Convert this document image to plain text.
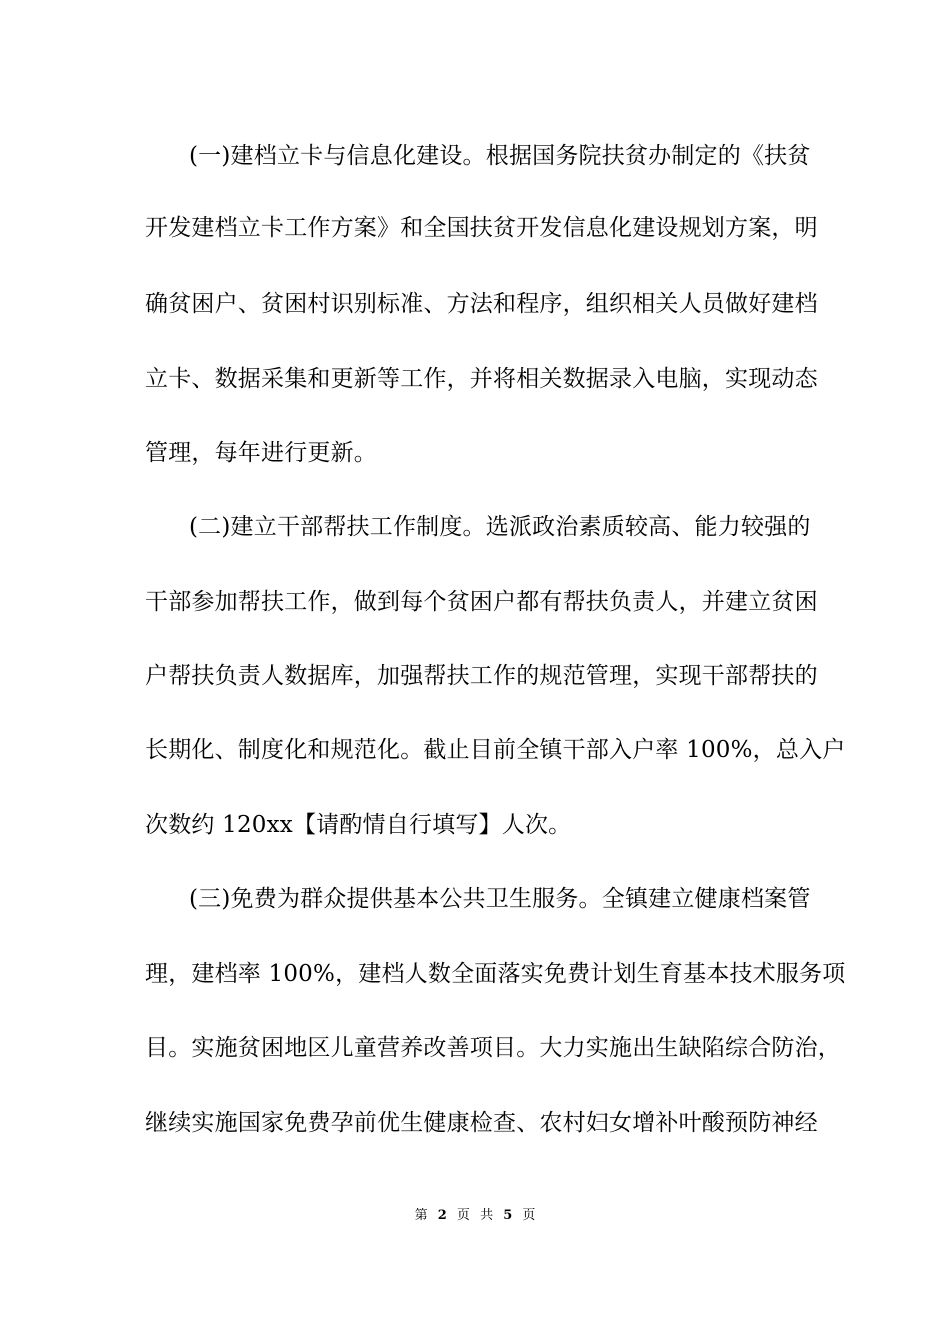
(一)建档立卡与信息化建设。根据国务院扶贫办制定的《扶贫
开发建档立卡工作方案》和全国扶贫开发信息化建设规划方案，明
确贫困户、贫困村识别标准、方法和程序，组织相关人员做好建档
立卡、数据采集和更新等工作，并将相关数据录入电脑，实现动态
管理，每年进行更新。
(二)建立干部帮扶工作制度。选派政治素质较高、能力较强的
干部参加帮扶工作，做到每个贫困户都有帮扶负责人，并建立贫困
户帮扶负责人数据库，加强帮扶工作的规范管理，实现干部帮扶的
长期化、制度化和规范化。截止目前全镇干部入户率 100%，总入户
次数约 120xx【请酌情自行填写】人次。
(三)免费为群众提供基本公共卫生服务。全镇建立健康档案管
理，建档率 100%，建档人数全面落实免费计划生育基本技术服务项
目。实施贫困地区儿童营养改善项目。大力实施出生缺陷综合防治，
继续实施国家免费孕前优生健康检查、农村妇女增补叶酸预防神经
第 2 页 共 5 页
